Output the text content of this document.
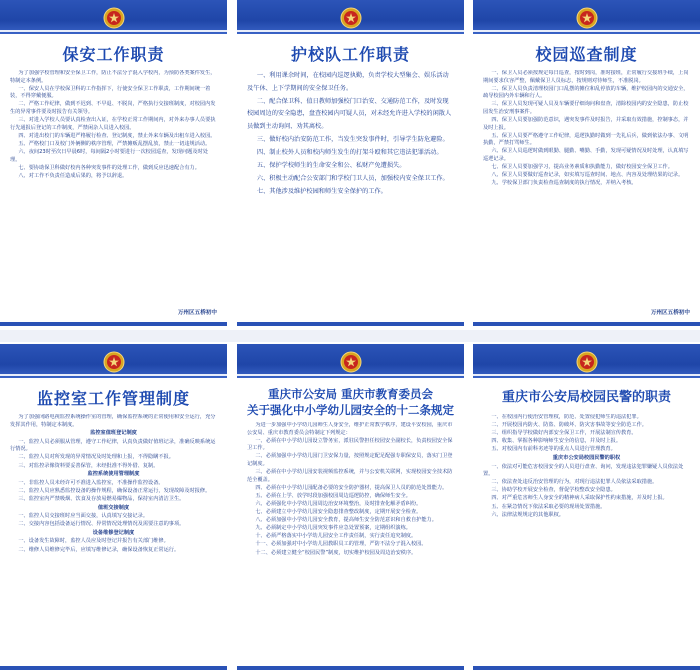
保安工作职责

为了加强学校管理和安全保卫工作，防止不法分子混入学校内，为预防各类案件发生，特制定本条例。

一、保安人员在学校保卫科的工作指挥下，行使安全保卫工作职责，工作期间统一着装，不得穿戴便服。

二、严格工作纪律，做到不迟到、不早退、不脱岗，严格执行交接班制度，对校园内发生的异常事件要及时报告有关领导。

三、对进入学校人员要认真检查出入证，在学校正常工作期间内，对外来办事人员要执行先通报后登记的工作制度，严禁闲杂人员进入校园。

四、对进出校门的车辆进严格履行检查、登记制度，禁止外来车辆及出租车进入校园。

五、严格校门口及校门外俩侧的秩序管理，严禁摊贩乱摆乱放，禁止一切违规活动。

六、夜间23时至次日早晨6时，每间隔2小时要进行一次校园巡查，发现问题及时处理。

七、要协助保卫科做好校内各种突发事件的处理工作，做到反应迅速配合有力。

八、对工作不负责任造成后果的，将予以辞退。

万州区五桥初中
护校队工作职责

一、利用课余时间，在校园内巡逻执勤，负责学校大型集会、娱乐活动及午休、上下学期间的安全保卫任务。

二、配合保卫科、值日教师加强校门口治安、交通防范工作，及时发现校园周边的安全隐患，盘查校园内可疑人员，对未经允许进入学校的闲散人员做到主动询问、劝其离校。

三、做好校内治安防范工作，当发生突发事件时，引导学生防危避险。

四、制止校外人员和校内师生发生的打架斗殴和其它违法犯罪活动。

五、保护学校师生的生命安全和公、私财产免遭损失。

六、积极主动配合公安部门和学校门卫人员，加强校内安全保卫工作。

七、其他涉及维护校园和师生安全保护的工作。

校园巡查制度

一、保卫人员必须按规定每日巡查，按时到岗，准时接班，正常履行交接班手续，上岗期间要求仪容严整，佩戴保卫人员标志，按规则对待师生，不准脱岗。

二、保卫人员负责清理校园门口乱摆的摊位和乱停放的车辆，维护校园内的交通安全，疏导校园内外车辆和行人。

三、保卫人员发现可疑人员及车辆要仔细询问和盘查，清除校园内的安全隐患，防止校园发生治安刑事案件。

四、保卫人员要加强防范意识，遇突发事件及时报告，并采取有效措施，控制事态，并及时上报。

五、保卫人员要严格遵守工作纪律，巡逻执勤时做到一先礼后兵，做到依法办事、文明执勤，严禁打骂师生。

六、保卫人员巡逻时做到眼勤、腿勤、嘴勤、手勤，发现可疑情况及时处理，认真填写巡逻记录。

七、保卫人员要加强学习，提高业务素质和执勤能力，做好校园安全保卫工作。

八、保卫人员要做好巡查记录，如实填写巡查时间、地点、内容及处理结果的记录。

九、学校保卫部门负责检查巡查制度的执行情况，并纳入考核。

万州区五桥初中
监控室工作管理制度

为了加强闭路电视监控系统操作室的管理，确保监控系统的正常使用和安全运行，充分发挥其作用，特制定本制度。

监控室值班登记制度

一、监控人员必须服从管理，遵守工作纪律，认真负责做好值班记录，准确反映系统运行情况。

二、监控人员对所发现的异常情况及时处理和上报，不得隐瞒不报。

三、对监控录像资料要妥善保管，未经批准不得外借、复制。

监控系统使用管理制度

一、非监控人员未经许可不准进入监控室，不准操作监控设备。

二、监控人员应熟悉监控设备的操作规程，确保设备正常运行，发现故障及时报修。

三、监控室内严禁吸烟、饮食及存放易燃易爆物品，保持室内清洁卫生。

值班交接制度

一、监控人员交接班时应当面交接，认真填写交接记录。

二、交接内容包括设备运行情况、异常情况处理情况及需要注意的事项。

设备维修登记制度

一、设备发生故障时，监控人员应及时登记并报告有关部门维修。

二、维修人员维修完毕后，应填写维修记录，确保设备恢复正常运行。

重庆市公安局 重庆市教育委员会
关于强化中小学幼儿园安全的十二条规定

为进一步加强中小学幼儿园师生人身安全，维护正常教学秩序，建设平安校园，重庆市公安局、重庆市教育委员会特制定下列规定：

一、必须在中小学幼儿园设立警务室，派驻民警担任校园安全副校长，负责校园安全保卫工作。

二、必须加强中小学幼儿园门卫安保力量，按照规定配足配强专职保安员，落实门卫登记制度。

三、必须在中小学幼儿园安装视频监控系统，并与公安机关联网，实现校园安全技术防范全覆盖。

四、必须在中小学幼儿园配备必要的安全防护器材，提高保卫人员的防范处置能力。

五、必须在上学、放学时段加强校园周边巡逻防控，确保师生安全。

六、必须强化中小学幼儿园周边治安环境整治，及时排查化解矛盾纠纷。

七、必须建立中小学幼儿园安全隐患排查整改制度，定期开展安全检查。

八、必须加强中小学幼儿园安全教育，提高师生安全防范意识和自救自护能力。

九、必须制定中小学幼儿园突发事件应急处置预案，定期组织演练。

十、必须严格落实中小学幼儿园安全工作责任制，实行责任追究制度。

十一、必须加强对中小学幼儿园教职员工的管理，严防不法分子混入校园。

十二、必须建立健全“校园民警”制度，切实维护校园及周边治安秩序。

重庆市公安局校园民警的职责

一、在校园内行使治安管理权，防范、处置侵犯师生的违法犯罪。

二、开展校园内防火、防盗、防破坏、防灾害事故等安全防范工作。

三、组织指导学校做好内部安全保卫工作，开展法制宣传教育。

四、收集、掌握各种影响师生安全的信息，并及时上报。

五、对校园内有前科劣迹等的重点人员进行管理教育。

重庆市公安局校园民警的职权

一、依法对可能危害校园安全的人员进行盘查、询问，发现违法犯罪嫌疑人员依法处置。

二、依法查处违反治安管理的行为，对现行违法犯罪人员依法采取措施。

三、协助学校开展安全检查，督促学校整改安全隐患。

四、对严重危害师生人身安全的精神病人采取保护性约束措施，并及时上报。

五、在紧急情况下依法采取必要的现场处置措施。

六、法律法规规定的其他职权。
